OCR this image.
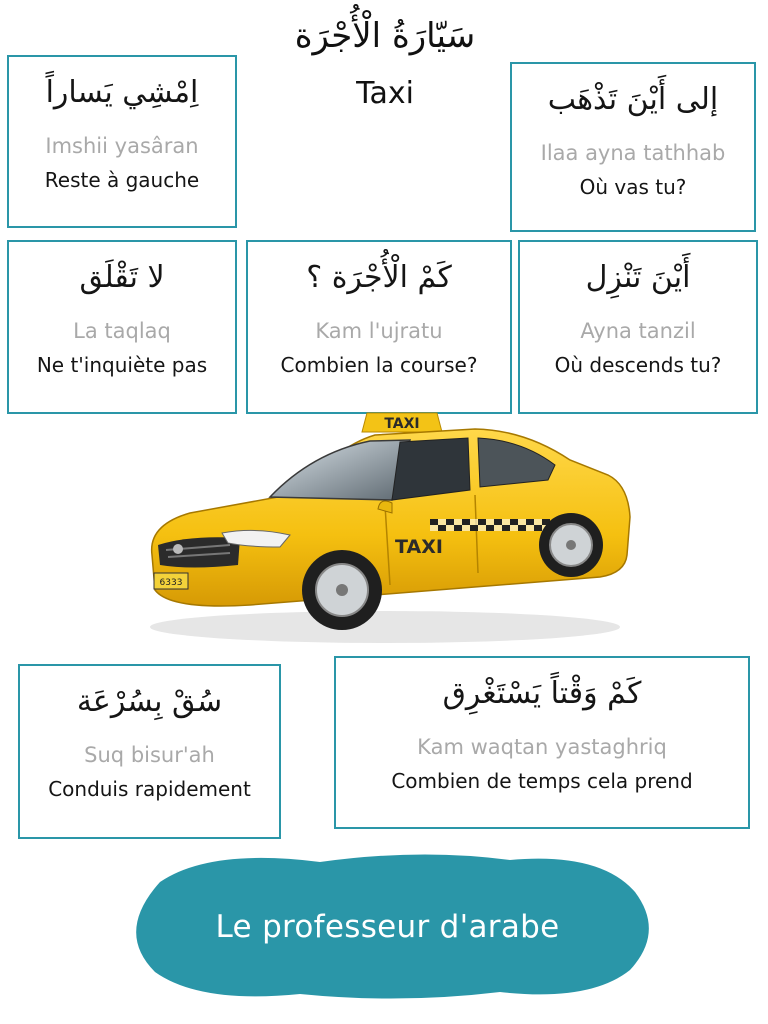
سَيّارَةُ الْأُجْرَة
Taxi
اِمْشِي يَساراً
Imshii yasâran
Reste à gauche
إلى أَيْنَ تَذْهَب
Ilaa ayna tathhab
Où vas tu?
لا تَقْلَق
La taqlaq
Ne t'inquiète pas
كَمْ الْأُجْرَة ؟
Kam l'ujratu
Combien la course?
أَيْنَ تَنْزِل
Ayna tanzil
Où descends tu?
TAXI
TAXI
6333
سُقْ بِسُرْعَة
Suq bisur'ah
Conduis rapidement
كَمْ وَقْتاً يَسْتَغْرِق
Kam waqtan yastaghriq
Combien de temps cela prend
Le professeur d'arabe
